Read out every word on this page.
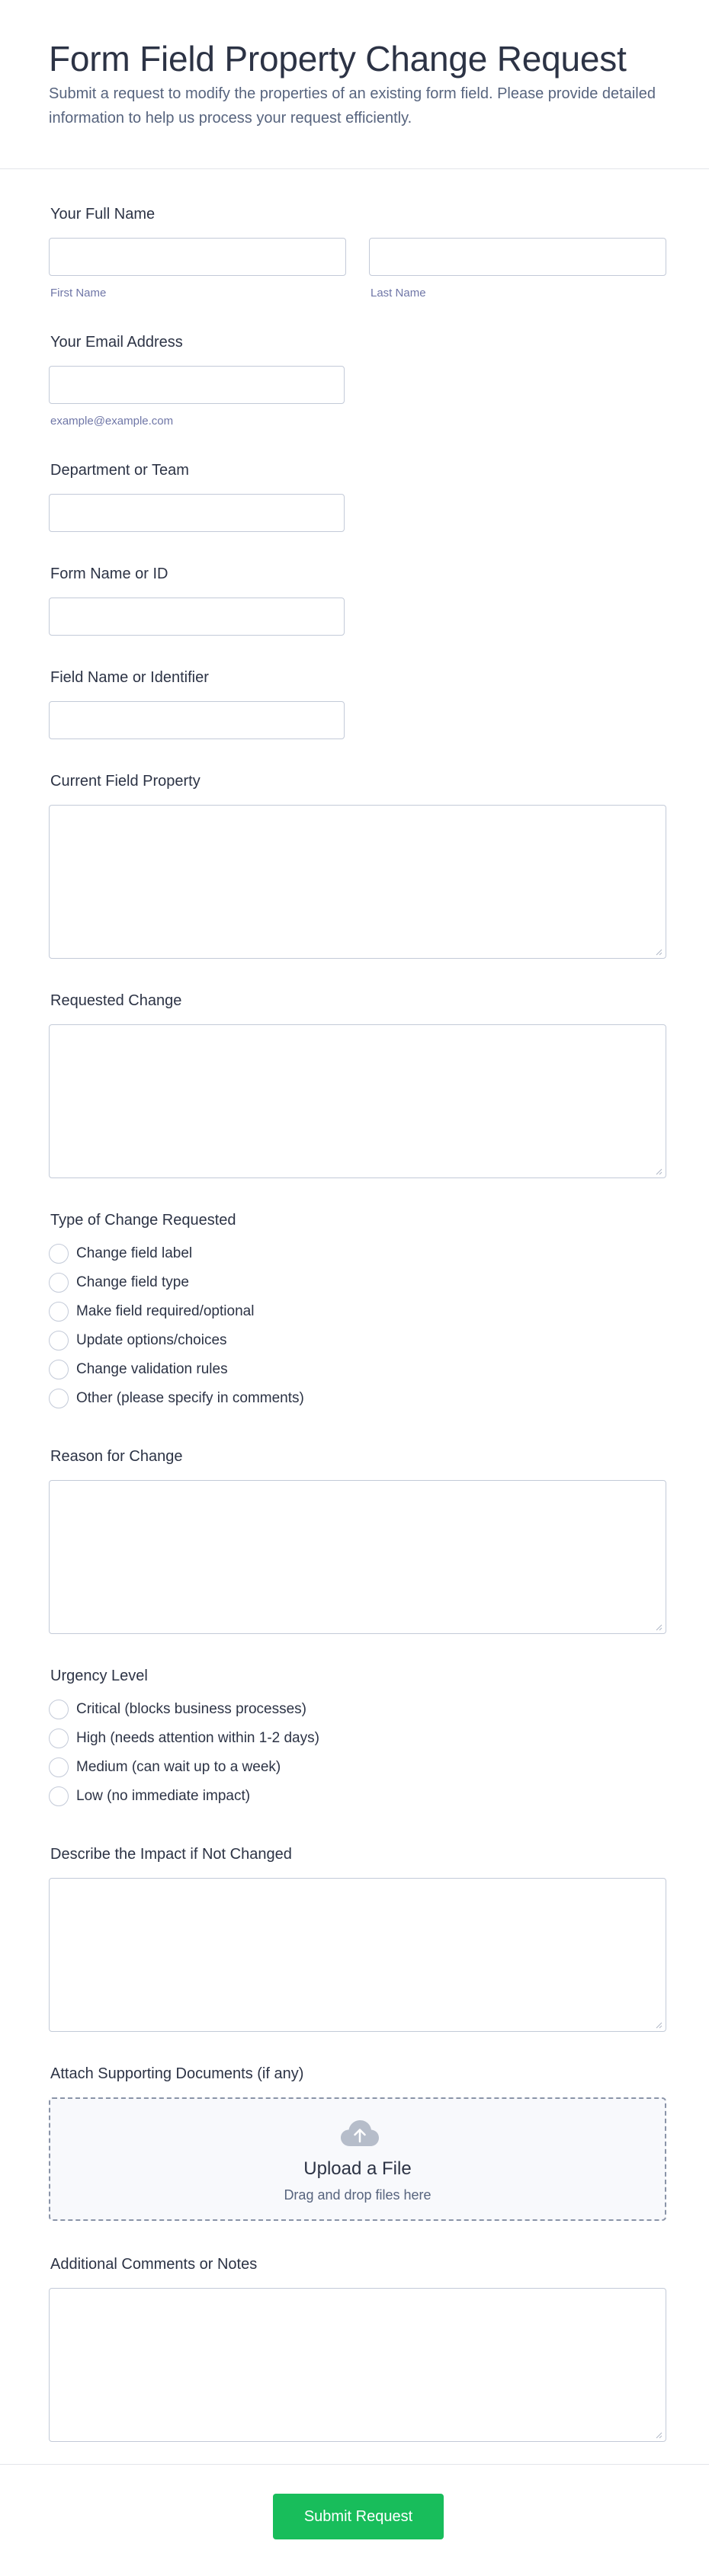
Form Field Property Change Request

Submit a request to modify the properties of an existing form field. Please provide detailed information to help us process your request efficiently.

Your Full Name
First Name	Last Name
Your Email Address
example@example.com
Department or Team
Form Name or ID
Field Name or Identifier
Current Field Property
Requested Change
Type of Change Requested
Change field label
Change field type
Make field required/optional
Update options/choices
Change validation rules
Other (please specify in comments)
Reason for Change
Urgency Level
Critical (blocks business processes)
High (needs attention within 1-2 days)
Medium (can wait up to a week)
Low (no immediate impact)
Describe the Impact if Not Changed
Attach Supporting Documents (if any)
Upload a File
Drag and drop files here
Additional Comments or Notes
Submit Request
